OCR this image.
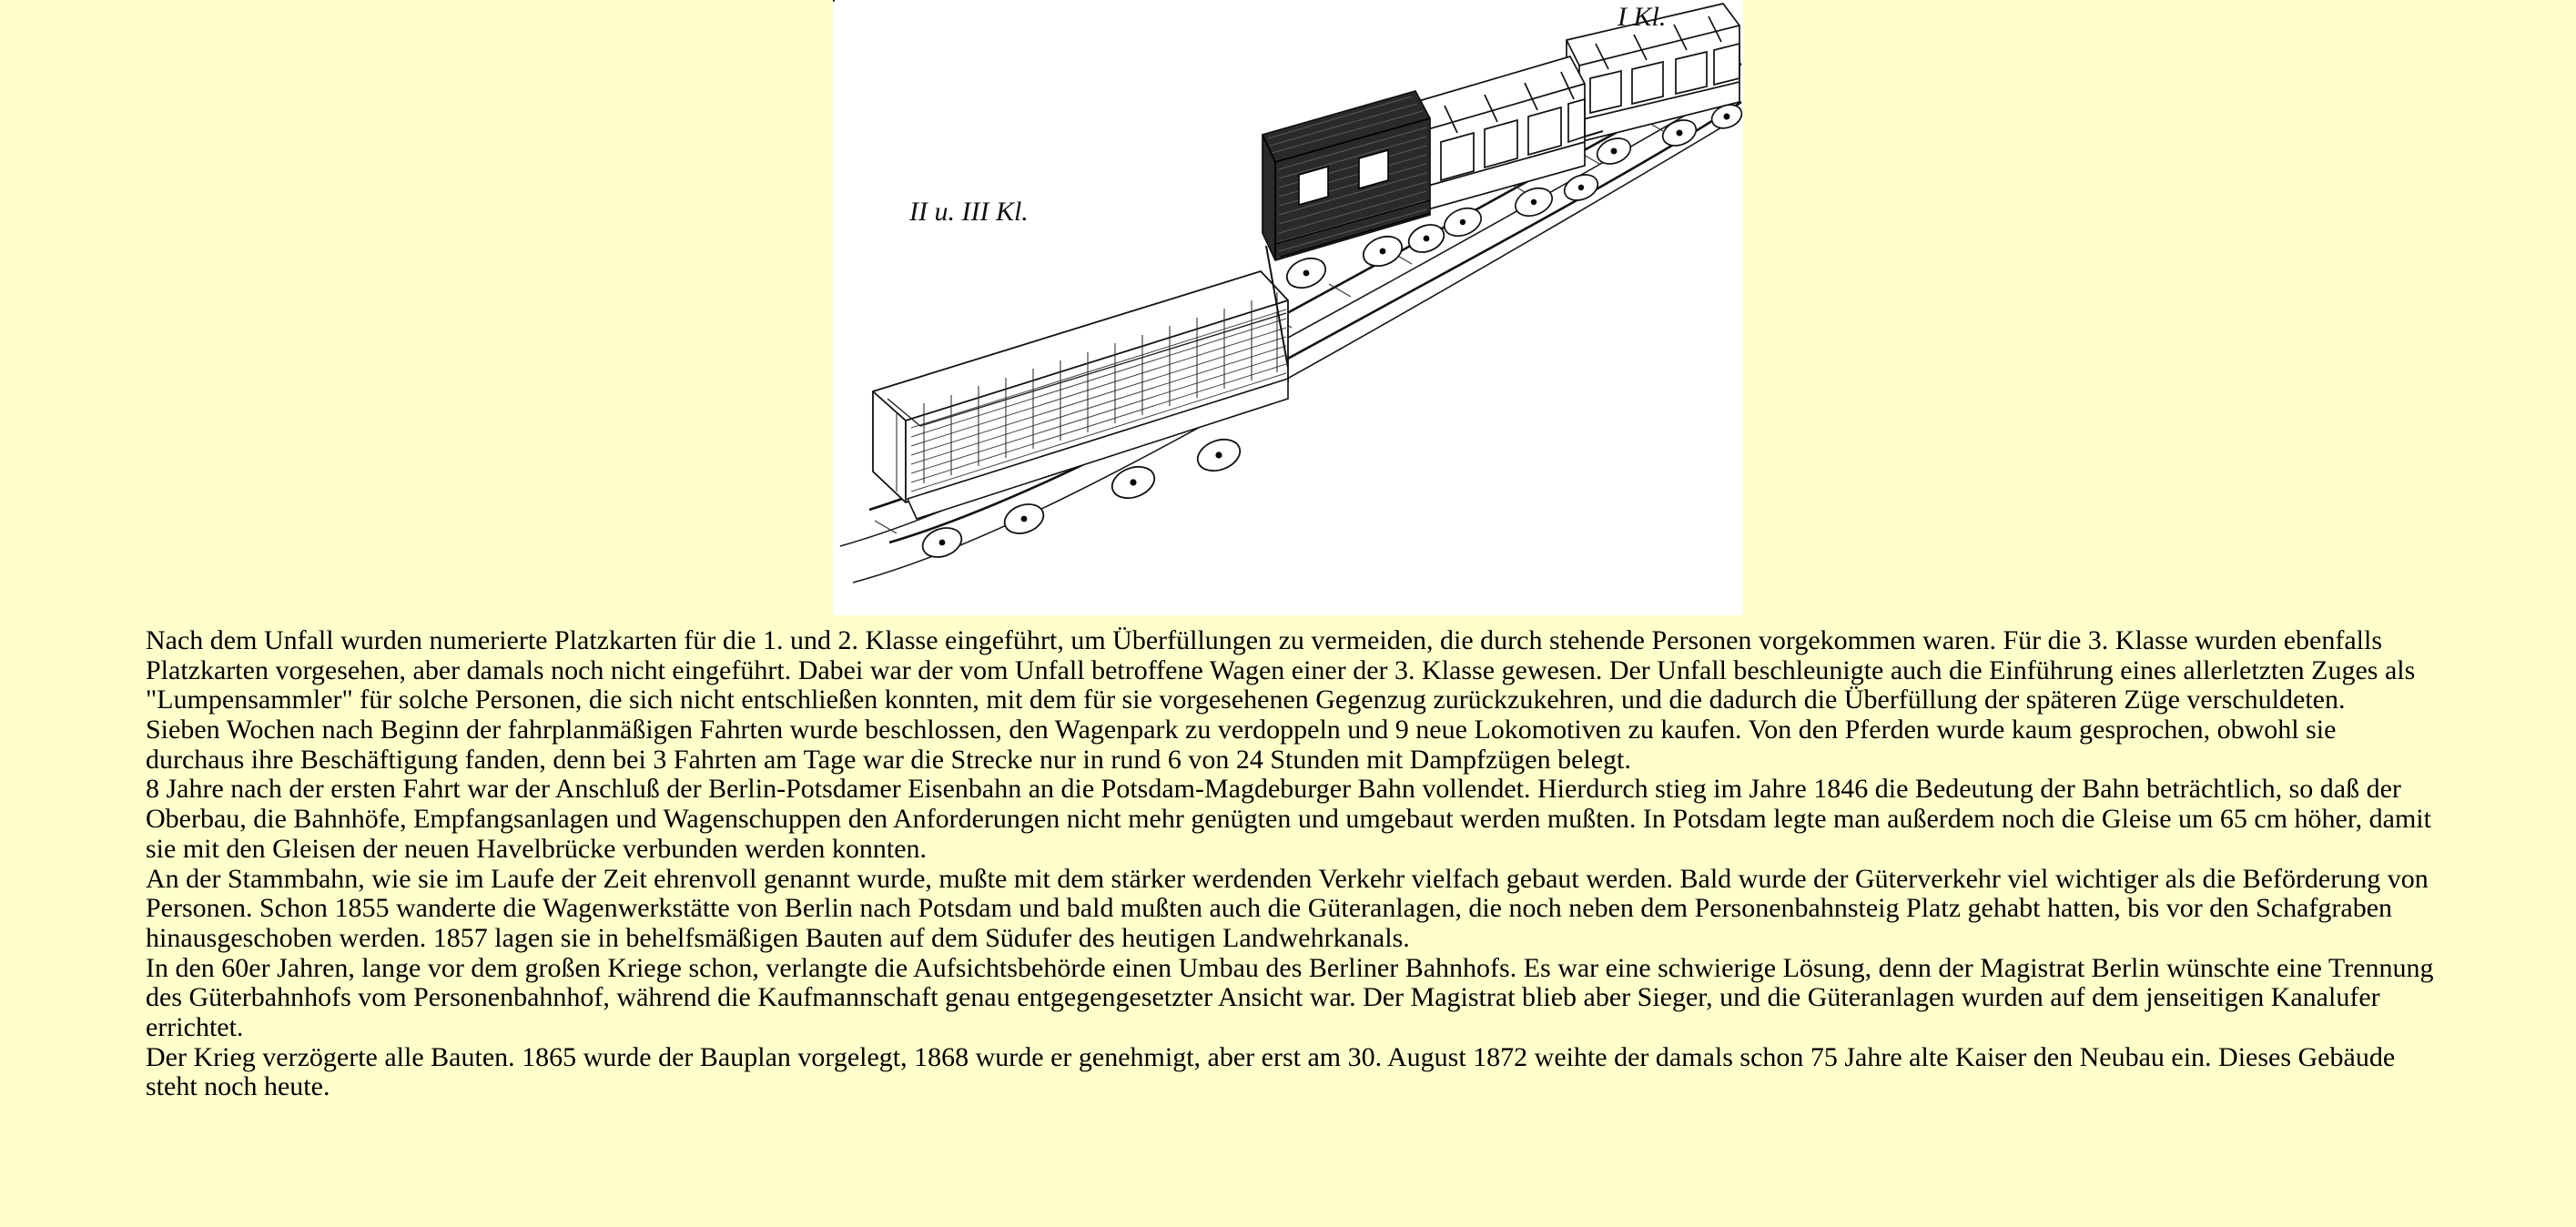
I Kl.
II u. III Kl.

Nach dem Unfall wurden numerierte Platzkarten für die 1. und 2. Klasse eingeführt, um Überfüllungen zu vermeiden, die durch stehende Personen vorgekommen waren. Für die 3. Klasse wurden ebenfalls Platzkarten vorgesehen, aber damals noch nicht eingeführt. Dabei war der vom Unfall betroffene Wagen einer der 3. Klasse gewesen. Der Unfall beschleunigte auch die Einführung eines allerletzten Zuges als "Lumpensammler" für solche Personen, die sich nicht entschließen konnten, mit dem für sie vorgesehenen Gegenzug zurückzukehren, und die dadurch die Überfüllung der späteren Züge verschuldeten.

Sieben Wochen nach Beginn der fahrplanmäßigen Fahrten wurde beschlossen, den Wagenpark zu verdoppeln und 9 neue Lokomotiven zu kaufen. Von den Pferden wurde kaum gesprochen, obwohl sie durchaus ihre Beschäftigung fanden, denn bei 3 Fahrten am Tage war die Strecke nur in rund 6 von 24 Stunden mit Dampfzügen belegt.

8 Jahre nach der ersten Fahrt war der Anschluß der Berlin-Potsdamer Eisenbahn an die Potsdam-Magdeburger Bahn vollendet. Hierdurch stieg im Jahre 1846 die Bedeutung der Bahn beträchtlich, so daß der Oberbau, die Bahnhöfe, Empfangsanlagen und Wagenschuppen den Anforderungen nicht mehr genügten und umgebaut werden mußten. In Potsdam legte man außerdem noch die Gleise um 65 cm höher, damit sie mit den Gleisen der neuen Havelbrücke verbunden werden konnten.

An der Stammbahn, wie sie im Laufe der Zeit ehrenvoll genannt wurde, mußte mit dem stärker werdenden Verkehr vielfach gebaut werden. Bald wurde der Güterverkehr viel wichtiger als die Beförderung von Personen. Schon 1855 wanderte die Wagenwerkstätte von Berlin nach Potsdam und bald mußten auch die Güteranlagen, die noch neben dem Personenbahnsteig Platz gehabt hatten, bis vor den Schafgraben hinausgeschoben werden. 1857 lagen sie in behelfsmäßigen Bauten auf dem Südufer des heutigen Landwehrkanals.

In den 60er Jahren, lange vor dem großen Kriege schon, verlangte die Aufsichtsbehörde einen Umbau des Berliner Bahnhofs. Es war eine schwierige Lösung, denn der Magistrat Berlin wünschte eine Trennung des Güterbahnhofs vom Personenbahnhof, während die Kaufmannschaft genau entgegengesetzter Ansicht war. Der Magistrat blieb aber Sieger, und die Güteranlagen wurden auf dem jenseitigen Kanalufer errichtet.

Der Krieg verzögerte alle Bauten. 1865 wurde der Bauplan vorgelegt, 1868 wurde er genehmigt, aber erst am 30. August 1872 weihte der damals schon 75 Jahre alte Kaiser den Neubau ein. Dieses Gebäude steht noch heute.
